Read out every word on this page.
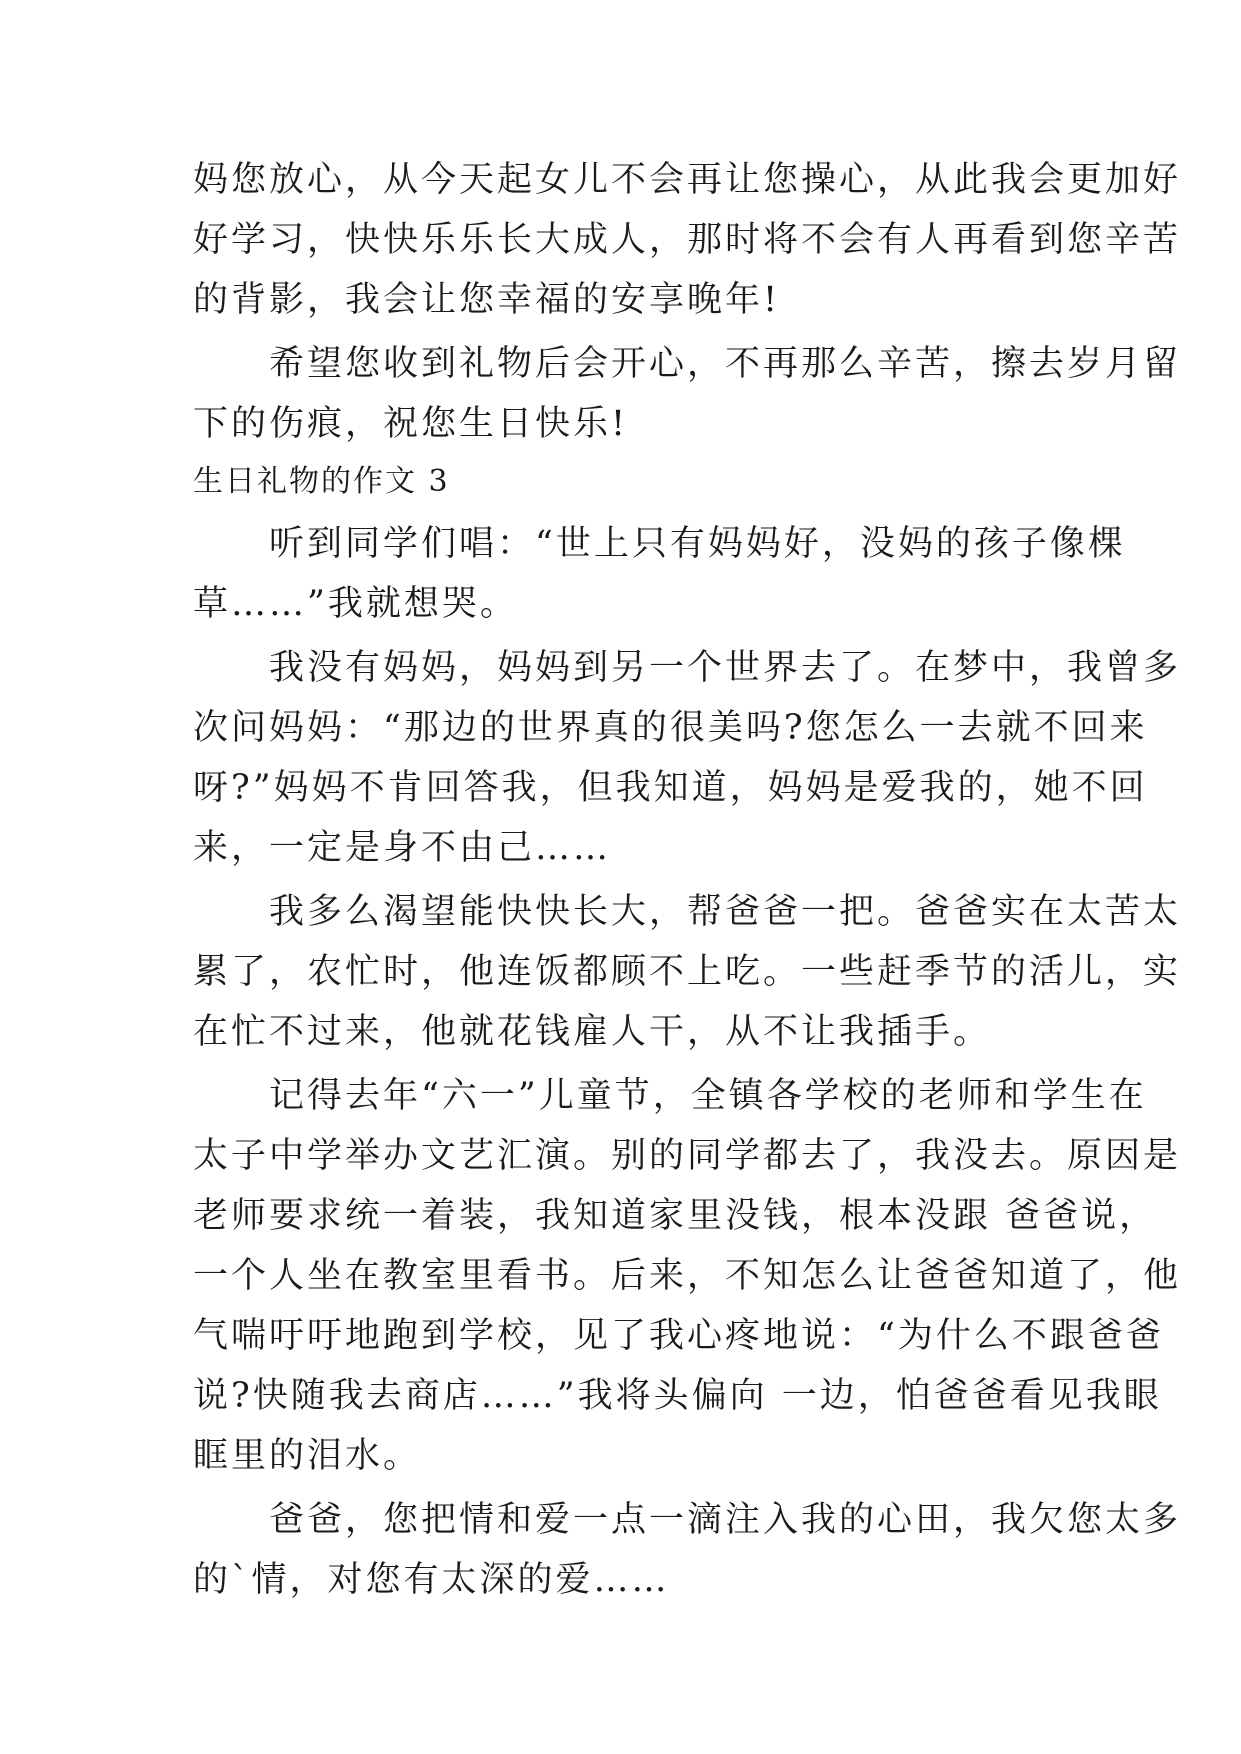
妈您放心，从今天起女儿不会再让您操心，从此我会更加好
好学习，快快乐乐长大成人，那时将不会有人再看到您辛苦
的背影，我会让您幸福的安享晚年!
　　希望您收到礼物后会开心，不再那么辛苦，擦去岁月留
下的伤痕，祝您生日快乐!
生日礼物的作文 3
　　听到同学们唱：“世上只有妈妈好，没妈的孩子像棵
草……”我就想哭。
　　我没有妈妈，妈妈到另一个世界去了。在梦中，我曾多
次问妈妈：“那边的世界真的很美吗?您怎么一去就不回来
呀?”妈妈不肯回答我，但我知道，妈妈是爱我的，她不回
来，一定是身不由己……
　　我多么渴望能快快长大，帮爸爸一把。爸爸实在太苦太
累了，农忙时，他连饭都顾不上吃。一些赶季节的活儿，实
在忙不过来，他就花钱雇人干，从不让我插手。
　　记得去年“六一”儿童节，全镇各学校的老师和学生在
太子中学举办文艺汇演。别的同学都去了，我没去。原因是
老师要求统一着装，我知道家里没钱，根本没跟 爸爸说，
一个人坐在教室里看书。后来，不知怎么让爸爸知道了，他
气喘吁吁地跑到学校，见了我心疼地说：“为什么不跟爸爸
说?快随我去商店……”我将头偏向 一边，怕爸爸看见我眼
眶里的泪水。
　　爸爸，您把情和爱一点一滴注入我的心田，我欠您太多
的`情，对您有太深的爱……
